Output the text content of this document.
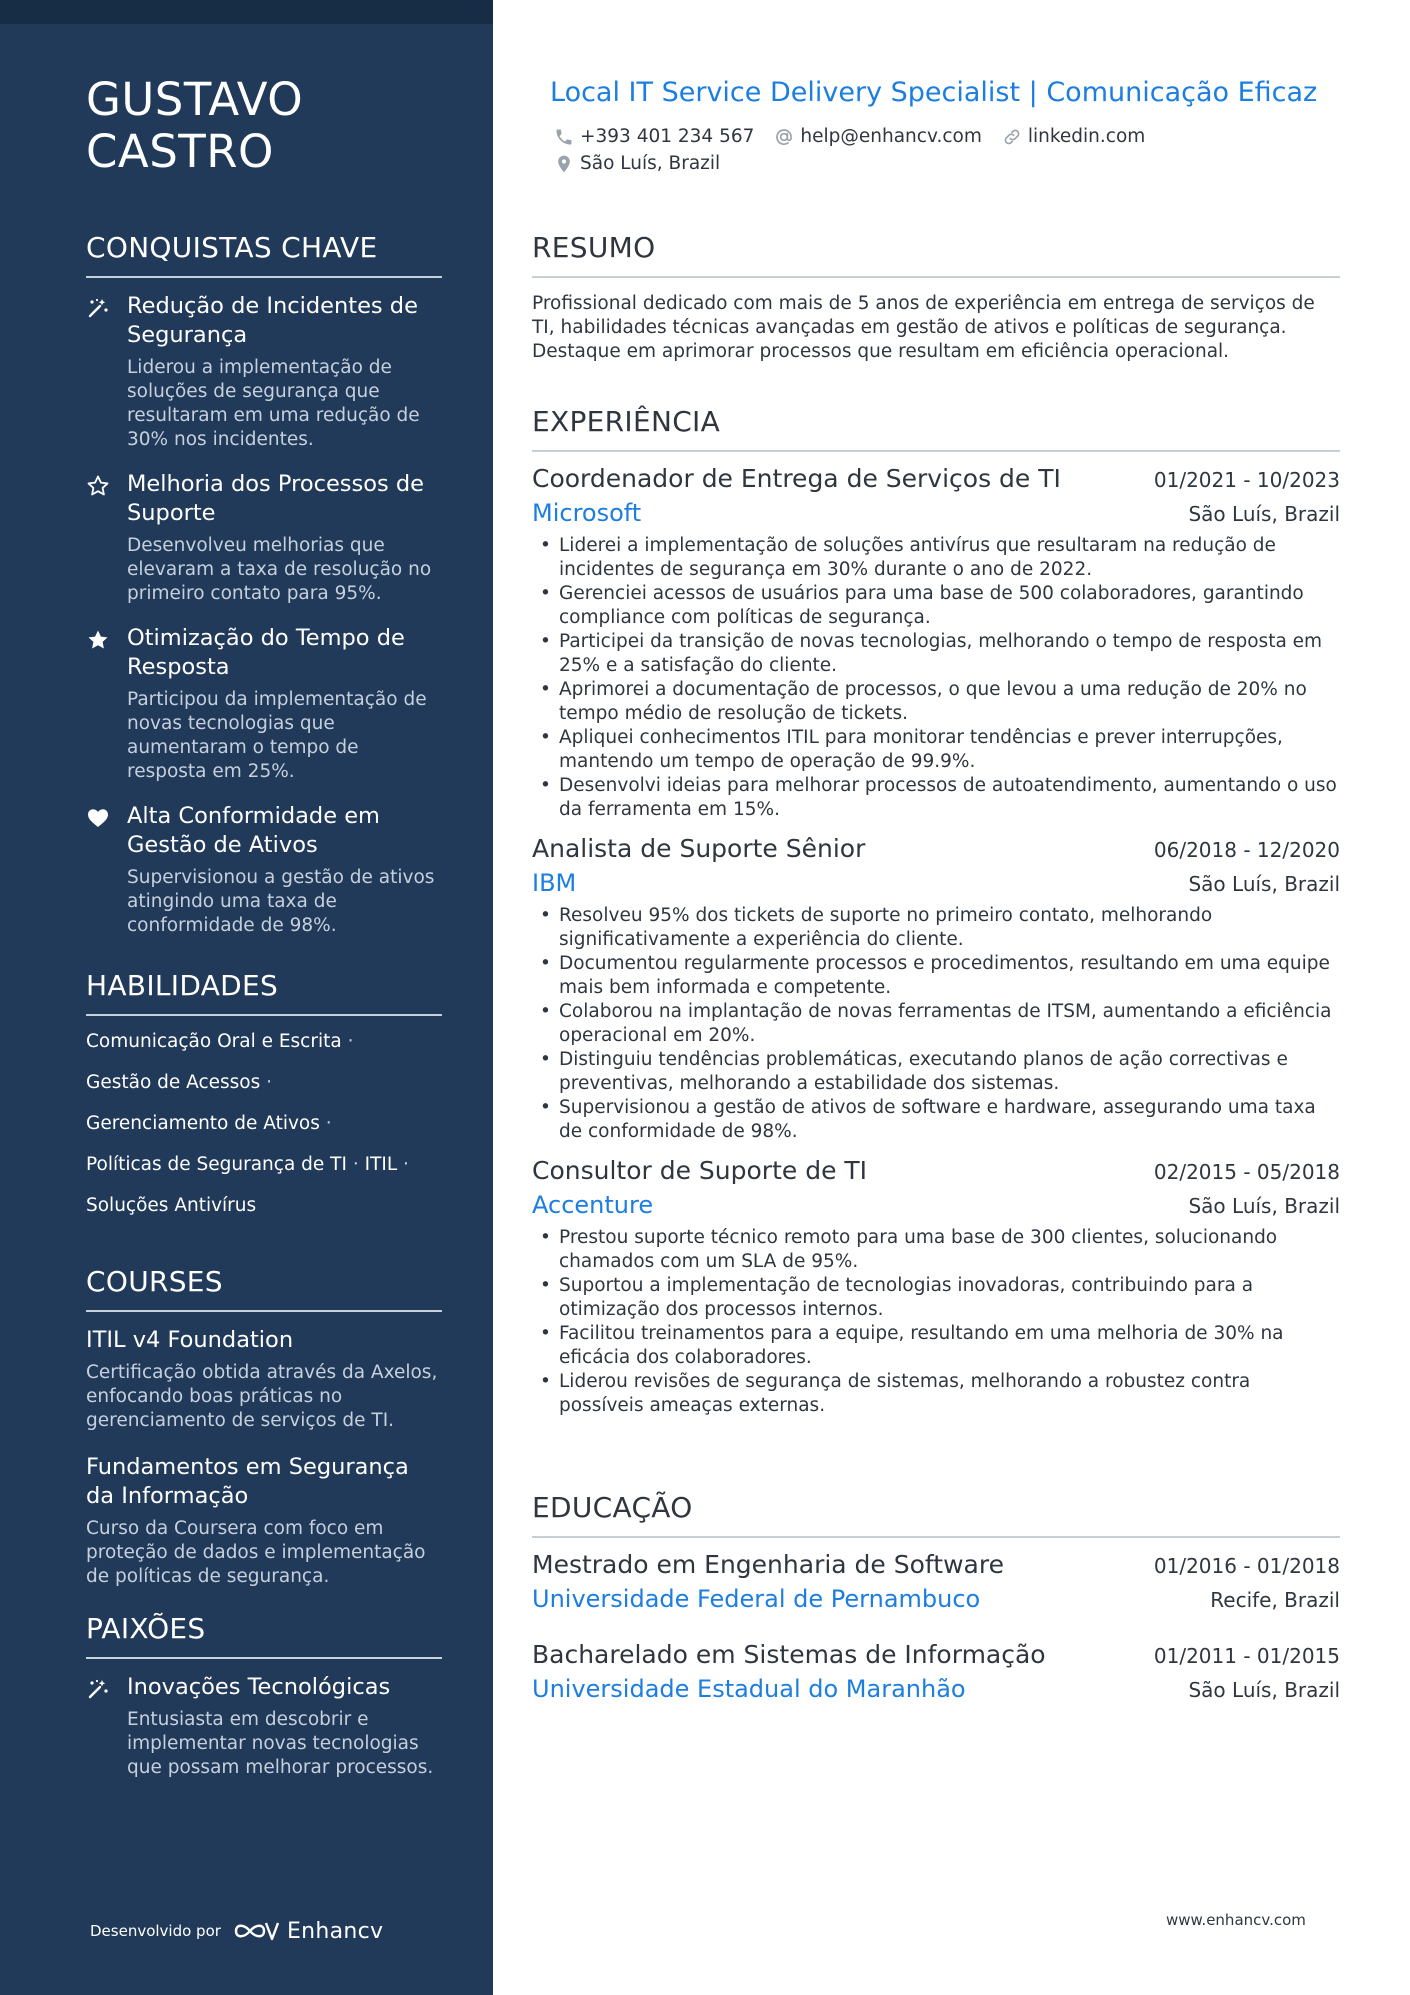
GUSTAVO
CASTRO
CONQUISTAS CHAVE
Redução de Incidentes de Segurança
Liderou a implementação de soluções de segurança que resultaram em uma redução de 30% nos incidentes.
Melhoria dos Processos de Suporte
Desenvolveu melhorias que elevaram a taxa de resolução no primeiro contato para 95%.
Otimização do Tempo de Resposta
Participou da implementação de novas tecnologias que aumentaram o tempo de resposta em 25%.
Alta Conformidade em Gestão de Ativos
Supervisionou a gestão de ativos atingindo uma taxa de conformidade de 98%.
HABILIDADES
Comunicação Oral e Escrita ·
Gestão de Acessos ·
Gerenciamento de Ativos ·
Políticas de Segurança de TI · ITIL ·
Soluções Antivírus
COURSES
ITIL v4 Foundation
Certificação obtida através da Axelos, enfocando boas práticas no gerenciamento de serviços de TI.
Fundamentos em Segurança da Informação
Curso da Coursera com foco em proteção de dados e implementação de políticas de segurança.
PAIXÕES
Inovações Tecnológicas
Entusiasta em descobrir e implementar novas tecnologias que possam melhorar processos.
Desenvolvido por	Enhancv
Local IT Service Delivery Specialist | Comunicação Eficaz
+393 401 234 567 help@enhancv.com linkedin.com
São Luís, Brazil
RESUMO
Profissional dedicado com mais de 5 anos de experiência em entrega de serviços de TI, habilidades técnicas avançadas em gestão de ativos e políticas de segurança. Destaque em aprimorar processos que resultam em eficiência operacional.
EXPERIÊNCIA
Coordenador de Entrega de Serviços de TI	01/2021 - 10/2023
Microsoft	São Luís, Brazil
• Liderei a implementação de soluções antivírus que resultaram na redução de incidentes de segurança em 30% durante o ano de 2022.
• Gerenciei acessos de usuários para uma base de 500 colaboradores, garantindo compliance com políticas de segurança.
• Participei da transição de novas tecnologias, melhorando o tempo de resposta em 25% e a satisfação do cliente.
• Aprimorei a documentação de processos, o que levou a uma redução de 20% no tempo médio de resolução de tickets.
• Apliquei conhecimentos ITIL para monitorar tendências e prever interrupções, mantendo um tempo de operação de 99.9%.
• Desenvolvi ideias para melhorar processos de autoatendimento, aumentando o uso da ferramenta em 15%.
Analista de Suporte Sênior	06/2018 - 12/2020
IBM	São Luís, Brazil
• Resolveu 95% dos tickets de suporte no primeiro contato, melhorando significativamente a experiência do cliente.
• Documentou regularmente processos e procedimentos, resultando em uma equipe mais bem informada e competente.
• Colaborou na implantação de novas ferramentas de ITSM, aumentando a eficiência operacional em 20%.
• Distinguiu tendências problemáticas, executando planos de ação correctivas e preventivas, melhorando a estabilidade dos sistemas.
• Supervisionou a gestão de ativos de software e hardware, assegurando uma taxa de conformidade de 98%.
Consultor de Suporte de TI	02/2015 - 05/2018
Accenture	São Luís, Brazil
• Prestou suporte técnico remoto para uma base de 300 clientes, solucionando chamados com um SLA de 95%.
• Suportou a implementação de tecnologias inovadoras, contribuindo para a otimização dos processos internos.
• Facilitou treinamentos para a equipe, resultando em uma melhoria de 30% na eficácia dos colaboradores.
• Liderou revisões de segurança de sistemas, melhorando a robustez contra possíveis ameaças externas.
EDUCAÇÃO
Mestrado em Engenharia de Software	01/2016 - 01/2018
Universidade Federal de Pernambuco	Recife, Brazil
Bacharelado em Sistemas de Informação	01/2011 - 01/2015
Universidade Estadual do Maranhão	São Luís, Brazil
www.enhancv.com
